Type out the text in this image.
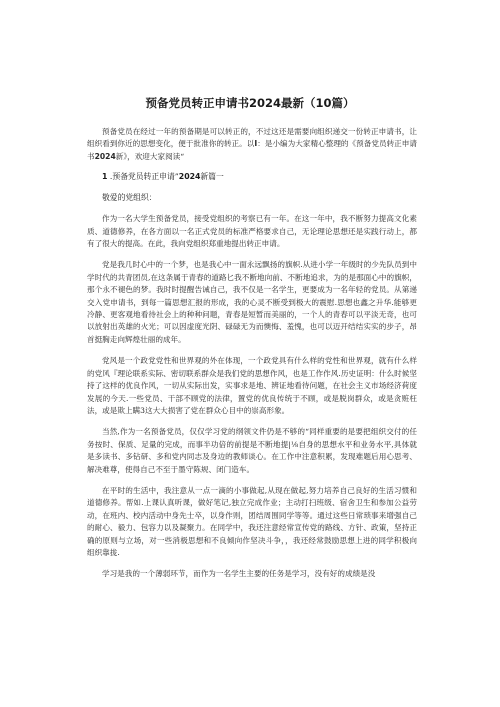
预备党员转正申请书2024最新（10篇）

预备党员在经过一年的预备期是可以转正的，不过这还是需要向组织递交一份转正申请书，让组织看到你近的思想变化，便于批准你的转正。以I：是小编为大家精心整理的《预备党员转正申请书2024新》，欢迎大家阅读“

1 .预备党员转正申请”2024新篇一
敬爱的党组织：

作为一名大学生预备党员，接受党组织的考察已有一年。在这一年中，我不断努力提高文化素质、道德修养，在各方面以一名正式党员的标准严格要求自己，无论理论思想还是实践行动上，都有了很大的提高。在此，我向党组织郑重地提出转正申请。

党是我几时心中的一个梦，也是我心中一面永远飘扬的旗帜.从进小学一年级时的少先队员到中学时代的共青团员,在这条属于青春的道路匕我不断地向前、不断地追求，为的是那面心中的旗帜，那个永不褪色的梦。我时时提醒告诫自己，我不仅是一名学生，更要成为一名年轻的党员。从第递交入党申请书，到每一篇思想汇报的形成，我的心灵不断受到极大的震慰.思想也鑫之升华.能够更冷静、更客观地看待社会上的种种问题，青春是短暂而美丽的，一个人的青春可以平淡无奇，也可以放射出英雄的火光；可以因虚度光阴、碌碌无为而懊悔、羞愧，也可以迈开结结实实的步子，昂首挺胸走向辉煌壮丽的成年。

党风是一个政党党性和世界观的外在体现，一个政党具有什么样的党性和世界观，就有什么样的党风『理论联系实际、密切联系群众是我们党的思想作风，也是工作作风.历史证明：什么时候坚持了这样的优良作风，一切从实际出发，实事求是地、辨证地看待问题，在社会主义市场经济荷度发展的今天.一些党员、干部不顾党的法律，置党的优良传统于不顾，或是脱岗群众，或是贪赃枉法，或是欺上瞒3这大大损害了党在群众心目中的崇高形象。

当然,作为一名预备党员，仅仅学习党的纲领文件仍是不够的“同样重要的是要把组织交付的任务按时、保质、足量的完成，而事半功倍的前提是不断地提|⅛自身的思想水平和业务水平,具体就是多读书、多钻研、多和党内同志及身边的教师谈心。在工作中注意积累，发现难题后用心思考、解决难尊，使得自己不至于墨守陈规、闭门造车。

在平时的生活中，我注意从一点一滴的小事做起,从现在做起,努力培养自己良好的生活习惯和道德修养。帮如.上课认真听课，做好笔记,独立完成作业；主动打扫班级、宿舍卫生和参加公益劳动，在班内、校内活动中身先士卒，以身作则，团结周围同学等等。通过这些日常琐事来增强自己的耐心、毅力、包容力以及凝聚力。在同学中，我还注意经常宣传党的路线、方针、政策，坚持正确的原则与立场，对一些消极思想和不良倾向作坚决斗争，，我还经常鼓励思想上进的同学积极向组织靠拢.

学习是我的一个薄弱环节，而作为一名学生主要的任务是学习，没有好的成绩是没
